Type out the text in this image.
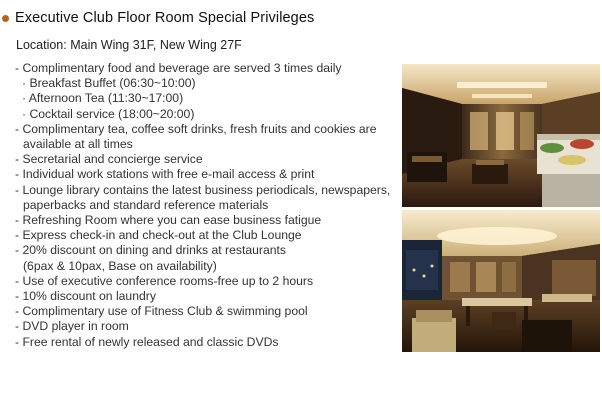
Executive Club Floor Room Special Privileges
Location: Main Wing 31F, New Wing 27F
- Complimentary food and beverage are served 3 times daily
· Breakfast Buffet (06:30~10:00)
· Afternoon Tea (11:30~17:00)
· Cocktail service (18:00~20:00)
- Complimentary tea, coffee soft drinks, fresh fruits and cookies are
available at all times
- Secretarial and concierge service
- Individual work stations with free e-mail access & print
- Lounge library contains the latest business periodicals, newspapers,
paperbacks and standard reference materials
- Refreshing Room where you can ease business fatigue
- Express check-in and check-out at the Club Lounge
- 20% discount on dining and drinks at restaurants
(6pax & 10pax, Base on availability)
- Use of executive conference rooms-free up to 2 hours
- 10% discount on laundry
- Complimentary use of Fitness Club & swimming pool
- DVD player in room
- Free rental of newly released and classic DVDs
